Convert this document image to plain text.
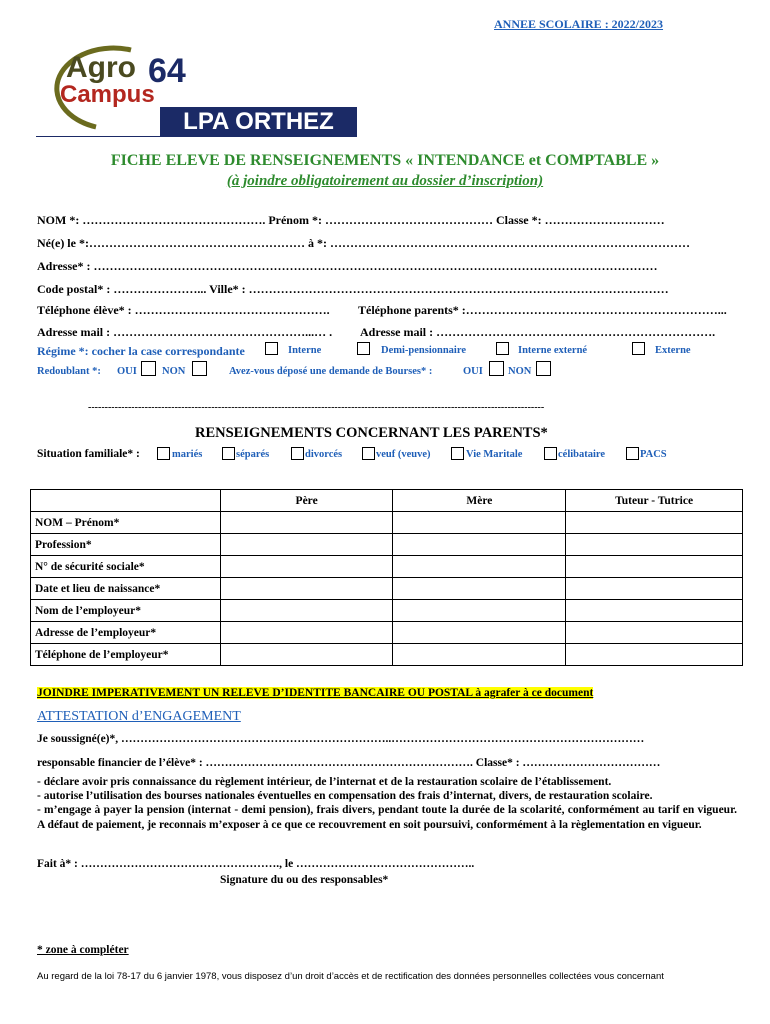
ANNEE SCOLAIRE : 2022/2023
Agro
Campus
64
LPA ORTHEZ
FICHE ELEVE DE RENSEIGNEMENTS « INTENDANCE et COMPTABLE »
(à joindre obligatoirement au dossier d’inscription)
NOM *: ………………………………………. Prénom *: …………………………………… Classe *: …………………………
Né(e) le *:……………………………………………… à *: ………………………………………………………………………………
Adresse* : ……………………………………………………………………………………………………………………………
Code postal* : …………………... Ville* : ……………………………………………………………………………………………
Téléphone élève* : …………………………………………. Téléphone parents* :………………………………………………………...
Adresse mail : …………………………………………...… . Adresse mail : …………………………………………………………….
Régime *: cocher la case correspondante	Interne	Demi-pensionnaire	Interne externé	Externe
Redoublant *: OUI NON	Avez-vous déposé une demande de Bourses* :	OUI NON
-----------------------------------------------------------------------------------------------------------------------------------------
RENSEIGNEMENTS CONCERNANT LES PARENTS*
Situation familiale* :	mariés	séparés	divorcés	veuf (veuve)	Vie Maritale	célibataire	PACS
	Père	Mère	Tuteur - Tutrice
NOM – Prénom*			
Profession*			
N° de sécurité sociale*			
Date et lieu de naissance*			
Nom de l’employeur*			
Adresse de l’employeur*			
Téléphone de l’employeur*			
JOINDRE IMPERATIVEMENT UN RELEVE D’IDENTITE BANCAIRE OU POSTAL à agrafer à ce document
ATTESTATION d’ENGAGEMENT
Je soussigné(e)*, ……………………………………………………………..…………………………………………………………
responsable financier de l’élève* : ……………………………………………………………. Classe* : ………………………………
- déclare avoir pris connaissance du règlement intérieur, de l’internat et de la restauration scolaire de l’établissement.
- autorise l’utilisation des bourses nationales éventuelles en compensation des frais d’internat, divers, de restauration scolaire.
- m’engage à payer la pension (internat - demi pension), frais divers, pendant toute la durée de la scolarité, conformément au tarif en vigueur. A défaut de paiement, je reconnais m’exposer à ce que ce recouvrement en soit poursuivi, conformément à la règlementation en vigueur.
Fait à* : ……………………………………………., le ………………………………………..
Signature du ou des responsables*
* zone à compléter
Au regard de la loi 78-17 du 6 janvier 1978, vous disposez d’un droit d’accès et de rectification des données personnelles collectées vous concernant
